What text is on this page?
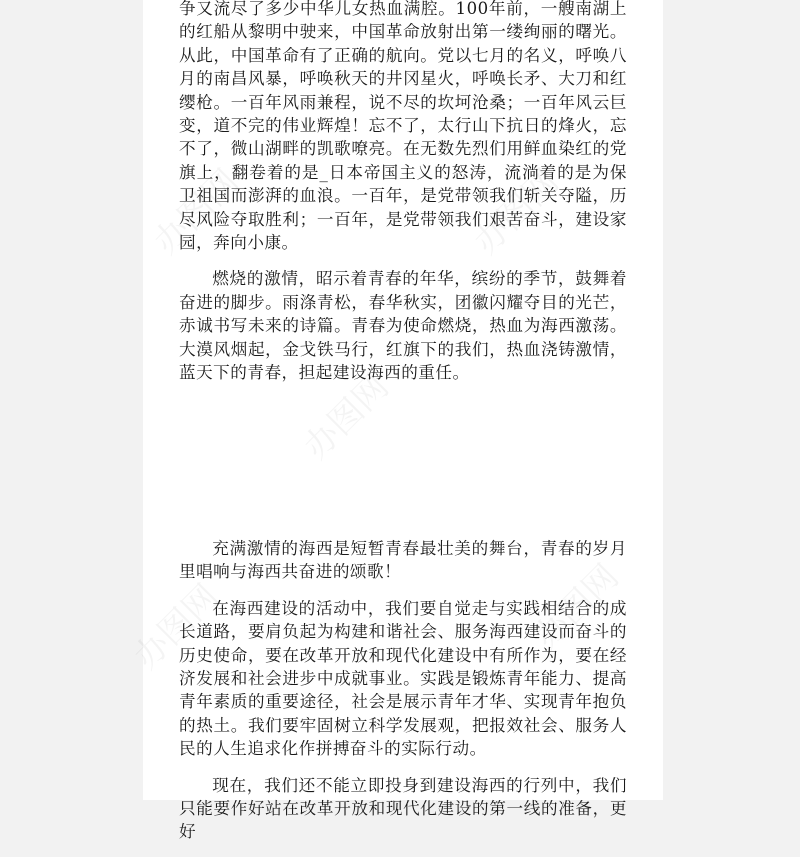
争又流尽了多少中华儿女热血满腔。100年前，一艘南湖上的红船从黎明中驶来，中国革命放射出第一缕绚丽的曙光。从此，中国革命有了正确的航向。党以七月的名义，呼唤八月的南昌风暴，呼唤秋天的井冈星火，呼唤长矛、大刀和红缨枪。一百年风雨兼程，说不尽的坎坷沧桑；一百年风云巨变，道不完的伟业辉煌！忘不了，太行山下抗日的烽火，忘不了，微山湖畔的凯歌嘹亮。在无数先烈们用鲜血染红的党旗上，翻卷着的是_日本帝国主义的怒涛，流淌着的是为保卫祖国而澎湃的血浪。一百年，是党带领我们斩关夺隘，历尽风险夺取胜利；一百年，是党带领我们艰苦奋斗，建设家园，奔向小康。

燃烧的激情，昭示着青春的年华，缤纷的季节，鼓舞着奋进的脚步。雨涤青松，春华秋实，团徽闪耀夺目的光芒，赤诚书写未来的诗篇。青春为使命燃烧，热血为海西激荡。大漠风烟起，金戈铁马行，红旗下的我们，热血浇铸激情，蓝天下的青春，担起建设海西的重任。

充满激情的海西是短暂青春最壮美的舞台，青春的岁月里唱响与海西共奋进的颂歌！

在海西建设的活动中，我们要自觉走与实践相结合的成长道路，要肩负起为构建和谐社会、服务海西建设而奋斗的历史使命，要在改革开放和现代化建设中有所作为，要在经济发展和社会进步中成就事业。实践是锻炼青年能力、提高青年素质的重要途径，社会是展示青年才华、实现青年抱负的热土。我们要牢固树立科学发展观，把报效社会、服务人民的人生追求化作拼搏奋斗的实际行动。

现在，我们还不能立即投身到建设海西的行列中，我们只能要作好站在改革开放和现代化建设的第一线的准备，更好
